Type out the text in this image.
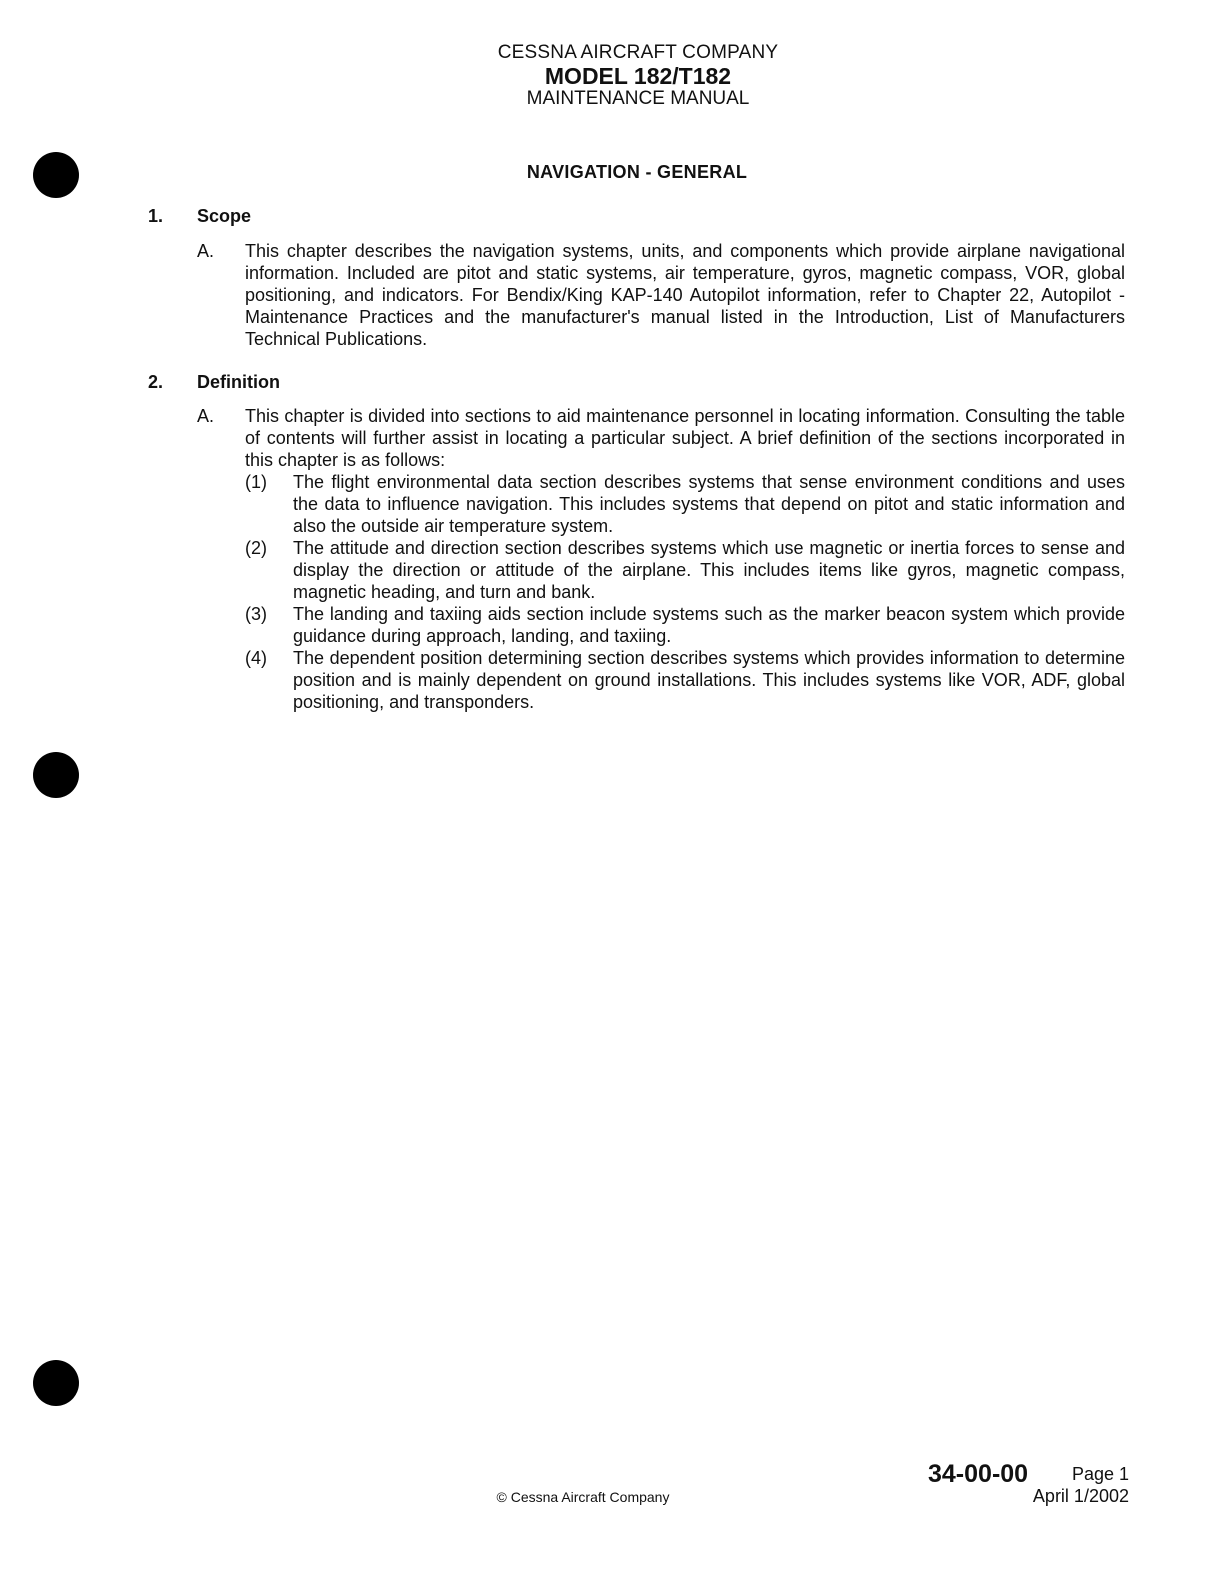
CESSNA AIRCRAFT COMPANY
MODEL 182/T182
MAINTENANCE MANUAL
NAVIGATION - GENERAL
1. Scope
A. This chapter describes the navigation systems, units, and components which provide airplane navigational information. Included are pitot and static systems, air temperature, gyros, magnetic compass, VOR, global positioning, and indicators. For Bendix/King KAP-140 Autopilot information, refer to Chapter 22, Autopilot - Maintenance Practices and the manufacturer's manual listed in the Introduction, List of Manufacturers Technical Publications.
2. Definition
A. This chapter is divided into sections to aid maintenance personnel in locating information. Consulting the table of contents will further assist in locating a particular subject. A brief definition of the sections incorporated in this chapter is as follows:
(1) The flight environmental data section describes systems that sense environment conditions and uses the data to influence navigation. This includes systems that depend on pitot and static information and also the outside air temperature system.
(2) The attitude and direction section describes systems which use magnetic or inertia forces to sense and display the direction or attitude of the airplane. This includes items like gyros, magnetic compass, magnetic heading, and turn and bank.
(3) The landing and taxiing aids section include systems such as the marker beacon system which provide guidance during approach, landing, and taxiing.
(4) The dependent position determining section describes systems which provides information to determine position and is mainly dependent on ground installations. This includes systems like VOR, ADF, global positioning, and transponders.
34-00-00 Page 1
April 1/2002
© Cessna Aircraft Company
